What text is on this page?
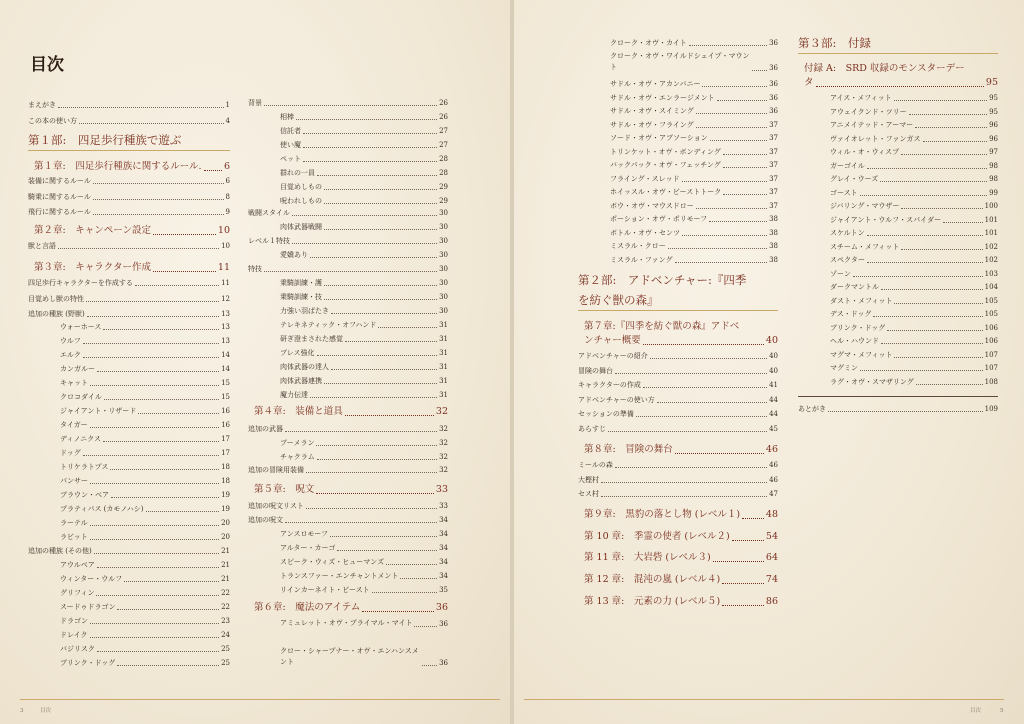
目次
まえがき	1
この本の使い方	4
第１部:　四足歩行種族で遊ぶ
第１章:　四足歩行種族に関するルール. 6
装備に関するルール	6
騎乗に関するルール	8
飛行に関するルール	9
第２章:　キャンペーン設定	10
獣と言語	10
第３章:　キャラクター作成	11
四足歩行キャラクターを作成する	11
目覚めし獣の特性	12
追加の種族 (野獣)	13
ウォーホース	13
ウルフ	13
エルク	14
カンガルー	14
キャット	15
クロコダイル	15
ジャイアント・リザード	16
タイガー	16
ディノニクス	17
ドッグ	17
トリケラトプス	18
パンサー	18
ブラウン・ベア	19
プラティパス (カモノハシ)	19
ラーテル	20
ラビット	20
追加の種族 (その他)	21
アウルベア	21
ウィンター・ウルフ	21
グリフィン	22
スードゥドラゴン	22
ドラゴン	23
ドレイク	24
バジリスク	25
ブリンク・ドッグ	25
背景	26
相棒	26
信託者	27
使い魔	27
ペット	28
群れの一員	28
目覚めしもの	29
呪われしもの	29
戦闘スタイル	30
肉体武器戦闘	30
レベル１特技	30
愛嬌あり	30
特技	30
乗騎訓練・護	30
乗騎訓練・技	30
力強い羽ばたき	30
テレキネティック・オフハンド	31
研ぎ澄まされた感覚	31
ブレス強化	31
肉体武器の達人	31
肉体武器連携	31
魔力伝達	31
第４章:　装備と道具	32
追加の武器	32
ブーメラン	32
チャクラム	32
追加の冒険用装備	32
第５章:　呪文	33
追加の呪文リスト	33
追加の呪文	34
アンスロモーフ	34
アルター・カーゴ	34
スピーク・ウィズ・ヒューマンズ	34
トランスファー・エンチャントメント	34
リインカーネイト・ビースト	35
第６章:　魔法のアイテム	36
アミュレット・オヴ・プライマル・マイト	36
クロー・シャープナー・オヴ・エンハンスメント	36
3	目次
クローク・オヴ・カイト	36
クローク・オヴ・ワイルドシェイプ・マウント	36
サドル・オヴ・アカンバニー	36
サドル・オヴ・エンラージメント	36
サドル・オヴ・スイミング	36
サドル・オヴ・フライング	37
ソード・オヴ・アブソーション	37
トリンケット・オヴ・ボンディング	37
バックパック・オヴ・フェッチング	37
フライング・スレッド	37
ホイッスル・オヴ・ビーストトーク	37
ボウ・オヴ・マウスドロー	37
ポーション・オヴ・ポリモーフ	38
ボトル・オヴ・センツ	38
ミスラル・クロー	38
ミスラル・ファング	38
第２部:　アドベンチャー:『四季
を紡ぐ獣の森』
第７章:『四季を紡ぐ獣の森』アドベ
ンチャー概要	40
アドベンチャーの紹介	40
冒険の舞台	40
キャラクターの作成	41
アドベンチャーの使い方	44
セッションの準備	44
あらすじ	45
第８章:　冒険の舞台	46
ミールの森	46
大樫村	46
セス村	47
第９章:　黒豹の落とし物 (レベル１)	48
第 10 章:　季霊の使者 (レベル２)	54
第 11 章:　大岩砦 (レベル３)	64
第 12 章:　混沌の嵐 (レベル４)	74
第 13 章:　元素の力 (レベル５)	86
第３部:　付録
付録 A:　SRD 収録のモンスターデー
タ	95
アイス・メフィット	95
アウェイクンド・ツリー	95
アニメイテッド・アーマー	96
ヴァイオレット・ファンガス	96
ウィル・オ・ウィスプ	97
ガーゴイル	98
グレイ・ウーズ	98
ゴースト	99
ジバリング・マウザー	100
ジャイアント・ウルフ・スパイダー	101
スケルトン	101
スチーム・メフィット	102
スペクター	102
ゾーン	103
ダークマントル	104
ダスト・メフィット	105
デス・ドッグ	105
ブリンク・ドッグ	106
ヘル・ハウンド	106
マグマ・メフィット	107
マグミン	107
ラグ・オヴ・スマザリング	108
あとがき	109
目次	5
